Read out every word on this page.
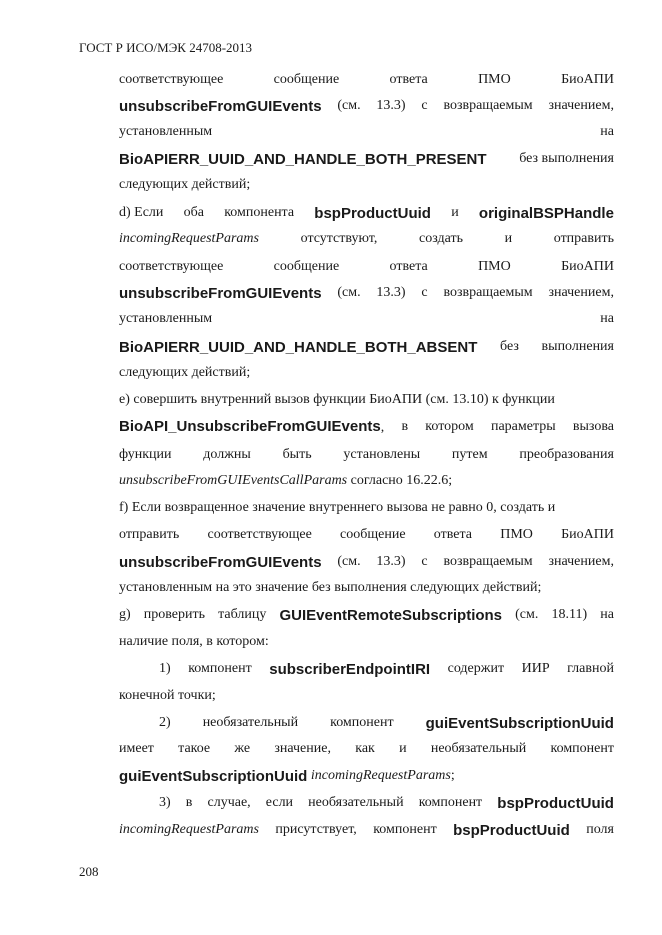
ГОСТ Р ИСО/МЭК 24708-2013
соответствующее	сообщение	ответа	ПМО	БиоАПИ
unsubscribeFromGUIEvents (см. 13.3) с возвращаемым значением,
установленным	на
BioAPIERR_UUID_AND_HANDLE_BOTH_PRESENT без выполнения
следующих действий;
d) Если оба компонента bspProductUuid и originalBSPHandle
incomingRequestParams	отсутствуют,	создать	и	отправить
соответствующее	сообщение	ответа	ПМО	БиоАПИ
unsubscribeFromGUIEvents (см. 13.3) с возвращаемым значением,
установленным	на
BioAPIERR_UUID_AND_HANDLE_BOTH_ABSENT без выполнения
следующих действий;
e) совершить внутренний вызов функции БиоАПИ (см. 13.10) к функции
BioAPI_UnsubscribeFromGUIEvents, в котором параметры вызова
функции должны быть установлены путем преобразования
unsubscribeFromGUIEventsCallParams согласно 16.22.6;
f) Если возвращенное значение внутреннего вызова не равно 0, создать и
отправить соответствующее сообщение ответа ПМО БиоАПИ
unsubscribeFromGUIEvents (см. 13.3) с возвращаемым значением,
установленным на это значение без выполнения следующих действий;
g) проверить таблицу GUIEventRemoteSubscriptions (см. 18.11) на
наличие поля, в котором:
1) компонент subscriberEndpointIRI содержит ИИР главной
конечной точки;
2) необязательный компонент guiEventSubscriptionUuid
имеет такое же значение, как и необязательный компонент
guiEventSubscriptionUuid
incomingRequestParams ;
3) в случае, если необязательный компонент bspProductUuid
incomingRequestParams присутствует, компонент bspProductUuid поля
208
